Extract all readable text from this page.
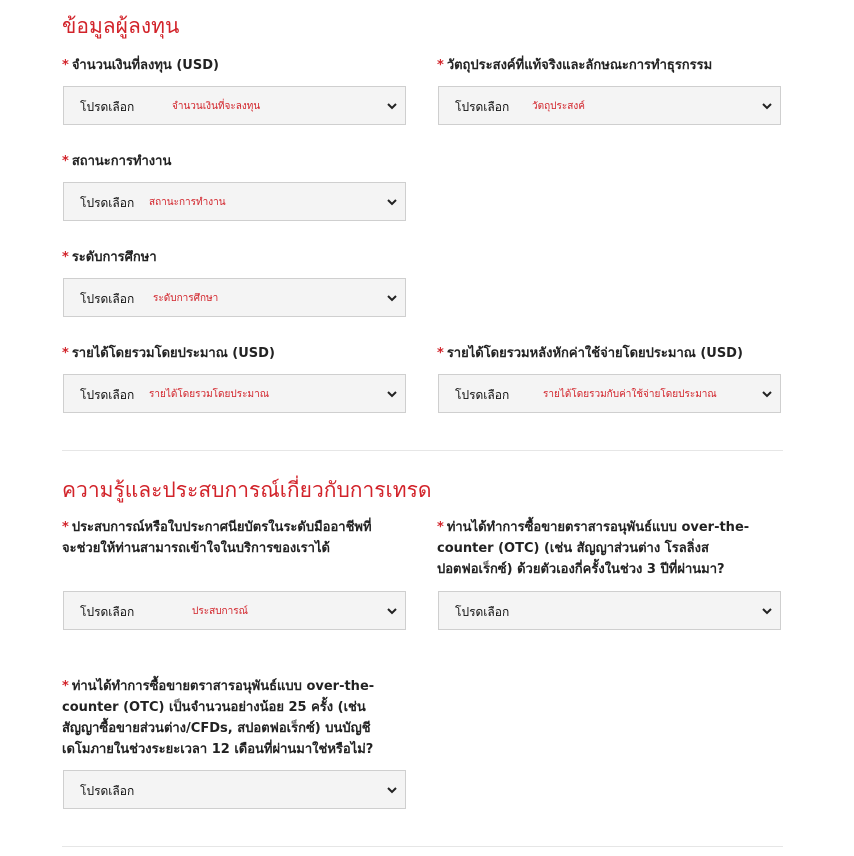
ข้อมูลผู้ลงทุน
* จำนวนเงินที่ลงทุน (USD)
โปรดเลือก	จำนวนเงินที่จะลงทุน
* วัตถุประสงค์ที่แท้จริงและลักษณะการทำธุรกรรม
โปรดเลือก วัตถุประสงค์
* สถานะการทำงาน
โปรดเลือก สถานะการทำงาน
* ระดับการศึกษา
โปรดเลือก ระดับการศึกษา
* รายได้โดยรวมโดยประมาณ (USD)
โปรดเลือก รายได้โดยรวมโดยประมาณ
* รายได้โดยรวมหลังหักค่าใช้จ่ายโดยประมาณ (USD)
โปรดเลือก	รายได้โดยรวมกับค่าใช้จ่ายโดยประมาณ
ความรู้และประสบการณ์เกี่ยวกับการเทรด
* ประสบการณ์หรือใบประกาศนียบัตรในระดับมืออาชีพที่
จะช่วยให้ท่านสามารถเข้าใจในบริการของเราได้
โปรดเลือก	ประสบการณ์
* ท่านได้ทำการซื้อขายตราสารอนุพันธ์แบบ over-the-
counter (OTC) (เช่น สัญญาส่วนต่าง โรลลิ่งส
ปอตฟอเร็กซ์) ด้วยตัวเองกี่ครั้งในช่วง 3 ปีที่ผ่านมา?
โปรดเลือก
* ท่านได้ทำการซื้อขายตราสารอนุพันธ์แบบ over-the-
counter (OTC) เป็นจำนวนอย่างน้อย 25 ครั้ง (เช่น
สัญญาซื้อขายส่วนต่าง/CFDs, สปอตฟอเร็กซ์) บนบัญชี
เดโมภายในช่วงระยะเวลา 12 เดือนที่ผ่านมาใช่หรือไม่?
โปรดเลือก
